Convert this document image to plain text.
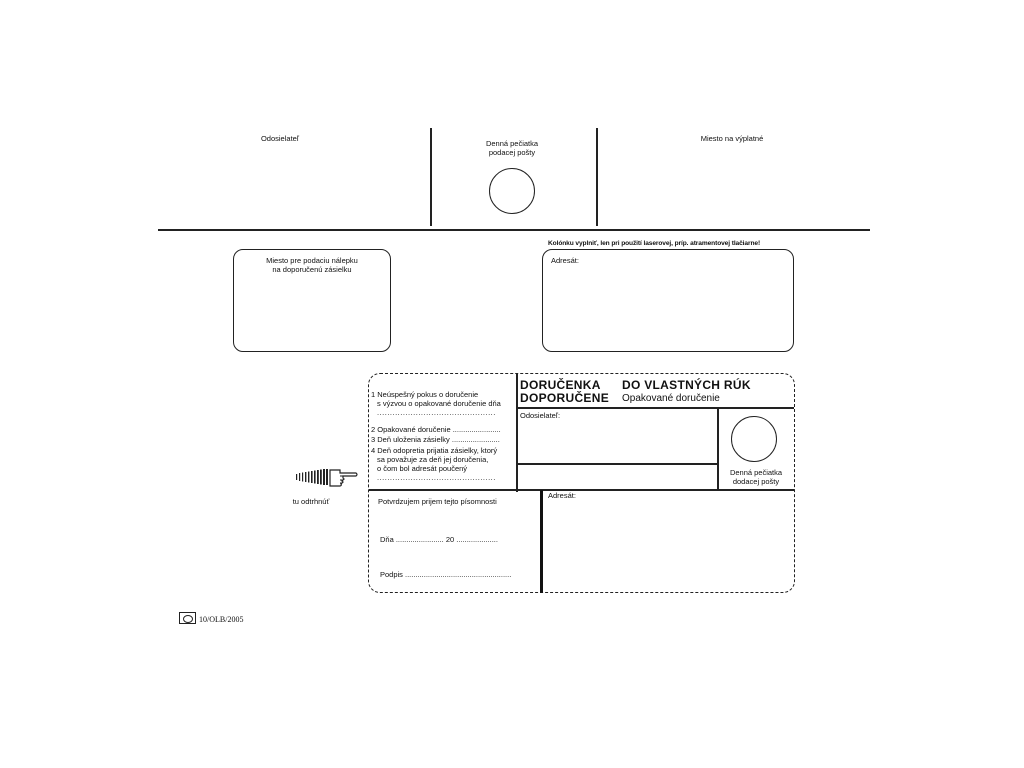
Odosielateľ
Denná pečiatka
podacej pošty
Miesto na výplatné
Miesto pre podaciu nálepku
na doporučenú zásielku
Kolónku vyplniť, len pri použití laserovej, príp. atramentovej tlačiarne!
Adresát:
1 Neúspešný pokus o doručenie
s výzvou o opakované doručenie dňa
..............................................
2 Opakované doručenie .......................
3 Deň uloženia zásielky .......................
4 Deň odopretia prijatia zásielky, ktorý
sa považuje za deň jej doručenia,
o čom bol adresát poučený
..............................................
DORUČENKA
DOPORUČENE
DO VLASTNÝCH RÚK
Opakované doručenie
Odosielateľ:
Denná pečiatka
dodacej pošty
Adresát:
Potvrdzujem prijem tejto písomnosti
Dňa ....................... 20 ....................
Podpis ...................................................
tu odtrhnúť
10/OLB/2005
